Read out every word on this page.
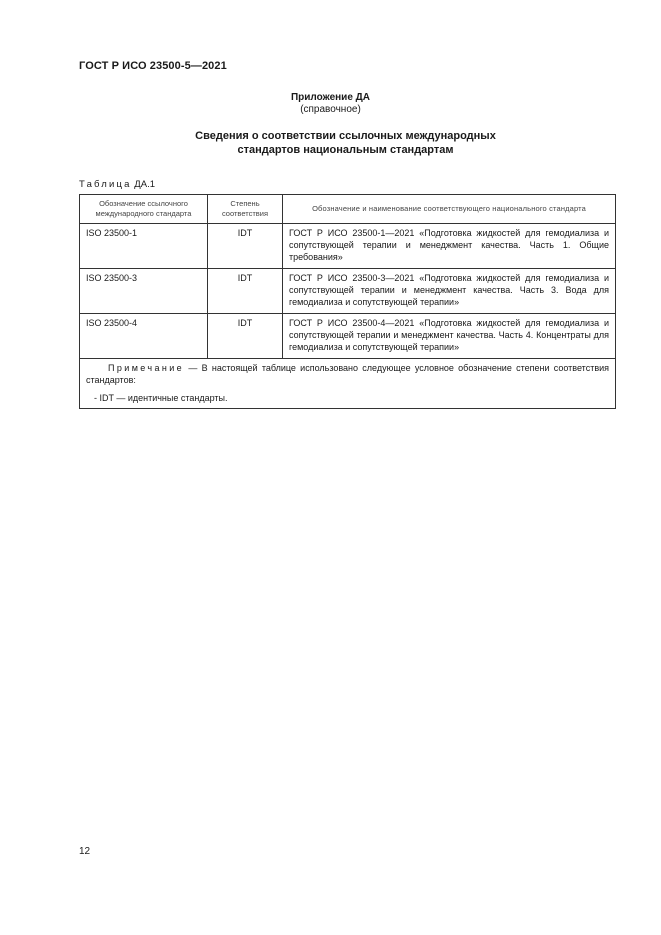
ГОСТ Р ИСО 23500-5—2021
Приложение ДА
(справочное)
Сведения о соответствии ссылочных международных
стандартов национальным стандартам
Таблица ДА.1
Обозначение ссылочного международного стандарта	Степень соответствия	Обозначение и наименование соответствующего национального стандарта
ISO 23500-1	IDT	ГОСТ Р ИСО 23500-1—2021 «Подготовка жидкостей для гемодиализа и сопутствующей терапии и менеджмент качества. Часть 1. Общие требования»
ISO 23500-3	IDT	ГОСТ Р ИСО 23500-3—2021 «Подготовка жидкостей для гемодиализа и сопутствующей терапии и менеджмент качества. Часть 3. Вода для гемодиализа и сопутствующей терапии»
ISO 23500-4	IDT	ГОСТ Р ИСО 23500-4—2021 «Подготовка жидкостей для гемодиализа и сопутствующей терапии и менеджмент качества. Часть 4. Концентраты для гемодиализа и сопутствующей терапии»

Примечание — В настоящей таблице использовано следующее условное обозначение степени соответствия стандартов:

- IDT — идентичные стандарты.		

12
